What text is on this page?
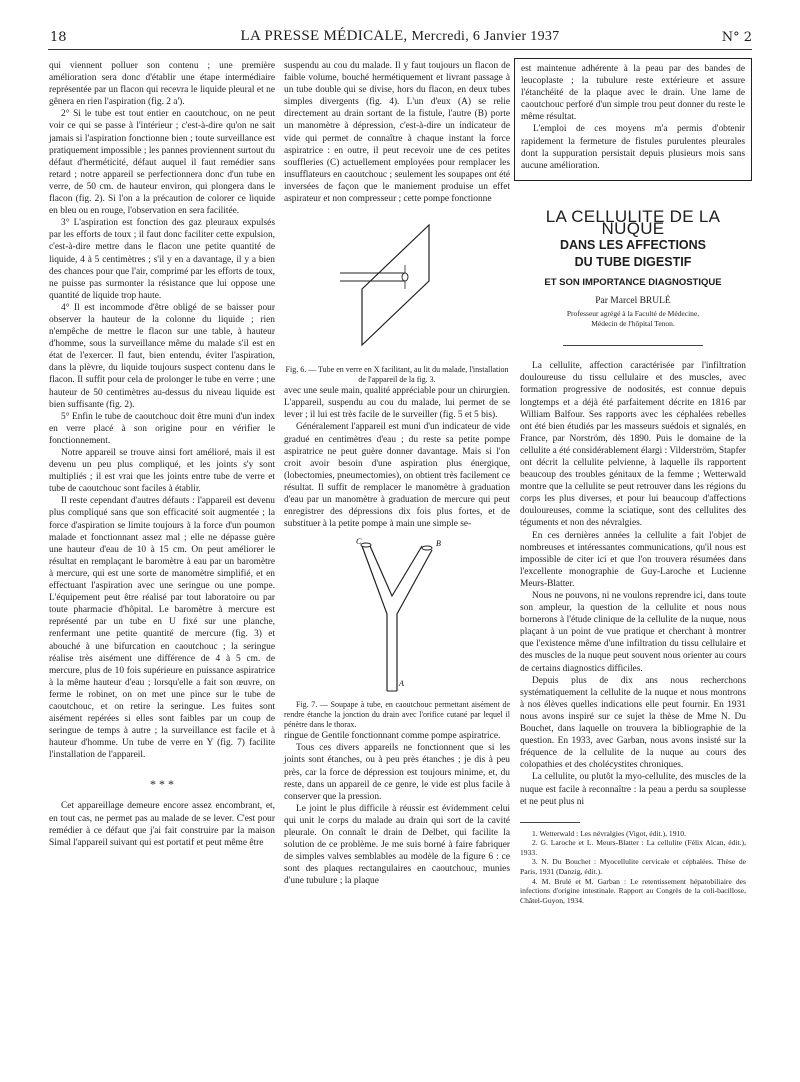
18	LA PRESSE MÉDICALE, Mercredi, 6 Janvier 1937	N° 2

qui viennent polluer son contenu ; une première amélioration sera donc d'établir une étape intermédiaire représentée par un flacon qui recevra le liquide pleural et ne gênera en rien l'aspiration (fig. 2 a').

2° Si le tube est tout entier en caoutchouc, on ne peut voir ce qui se passe à l'intérieur ; c'est-à-dire qu'on ne sait jamais si l'aspiration fonctionne bien ; toute surveillance est pratiquement impossible ; les pannes proviennent surtout du défaut d'herméticité, défaut auquel il faut remédier sans retard ; notre appareil se perfectionnera donc d'un tube en verre, de 50 cm. de hauteur environ, qui plongera dans le flacon (fig. 2). Si l'on a la précaution de colorer ce liquide en bleu ou en rouge, l'observation en sera facilitée.

3° L'aspiration est fonction des gaz pleuraux expulsés par les efforts de toux ; il faut donc faciliter cette expulsion, c'est-à-dire mettre dans le flacon une petite quantité de liquide, 4 à 5 centimètres ; s'il y en a davantage, il y a bien des chances pour que l'air, comprimé par les efforts de toux, ne puisse pas surmonter la résistance que lui oppose une quantité de liquide trop haute.

4° Il est incommode d'être obligé de se baisser pour observer la hauteur de la colonne du liquide ; rien n'empêche de mettre le flacon sur une table, à hauteur d'homme, sous la surveillance même du malade s'il est en état de l'exercer. Il faut, bien entendu, éviter l'aspiration, dans la plèvre, du liquide toujours suspect contenu dans le flacon. Il suffit pour cela de prolonger le tube en verre ; une hauteur de 50 centimètres au-dessus du niveau liquide est bien suffisante (fig. 2).

5° Enfin le tube de caoutchouc doit être muni d'un index en verre placé à son origine pour en vérifier le fonctionnement.

Notre appareil se trouve ainsi fort amélioré, mais il est devenu un peu plus compliqué, et les joints s'y sont multipliés ; il est vrai que les joints entre tube de verre et tube de caoutchouc sont faciles à établir.

Il reste cependant d'autres défauts : l'appareil est devenu plus compliqué sans que son efficacité soit augmentée ; la force d'aspiration se limite toujours à la force d'un poumon malade et fonctionnant assez mal ; elle ne dépasse guère une hauteur d'eau de 10 à 15 cm. On peut améliorer le résultat en remplaçant le baromètre à eau par un baromètre à mercure, qui est une sorte de manomètre simplifié, et en effectuant l'aspiration avec une seringue ou une pompe. L'équipement peut être réalisé par tout laboratoire ou par toute pharmacie d'hôpital. Le baromètre à mercure est représenté par un tube en U fixé sur une planche, renfermant une petite quantité de mercure (fig. 3) et abouché à une bifurcation en caoutchouc ; la seringue réalise très aisément une différence de 4 à 5 cm. de mercure, plus de 10 fois supérieure en puissance aspiratrice à la même hauteur d'eau ; lorsqu'elle a fait son œuvre, on ferme le robinet, on on met une pince sur le tube de caoutchouc, et on retire la seringue. Les fuites sont aisément repérées si elles sont faibles par un coup de seringue de temps à autre ; la surveillance est facile et à hauteur d'homme. Un tube de verre en Y (fig. 7) facilite l'installation de l'appareil.

* * *

Cet appareillage demeure encore assez encombrant, et, en tout cas, ne permet pas au malade de se lever. C'est pour remédier à ce défaut que j'ai fait construire par la maison Simal l'appareil suivant qui est portatif et peut même être

suspendu au cou du malade. Il y faut toujours un flacon de faible volume, bouché hermétiquement et livrant passage à un tube double qui se divise, hors du flacon, en deux tubes simples divergents (fig. 4). L'un d'eux (A) se relie directement au drain sortant de la fistule, l'autre (B) porte un manomètre à dépression, c'est-à-dire un indicateur de vide qui permet de connaître à chaque instant la force aspiratrice : en outre, il peut recevoir une de ces petites souffleries (C) actuellement employées pour remplacer les insufflateurs en caoutchouc ; seulement les soupapes ont été inversées de façon que le maniement produise un effet aspirateur et non compresseur ; cette pompe fonctionne

Fig. 6. — Tube en verre en X facilitant, au lit du malade, l'installation de l'appareil de la fig. 3.

avec une seule main, qualité appréciable pour un chirurgien. L'appareil, suspendu au cou du malade, lui permet de se lever ; il lui est très facile de le surveiller (fig. 5 et 5 bis).

Généralement l'appareil est muni d'un indicateur de vide gradué en centimètres d'eau ; du reste sa petite pompe aspiratrice ne peut guère donner davantage. Mais si l'on croit avoir besoin d'une aspiration plus énergique, (lobectomies, pneumectomies), on obtient très facilement ce résultat. Il suffit de remplacer le manomètre à graduation d'eau par un manomètre à graduation de mercure qui peut enregistrer des dépressions dix fois plus fortes, et de substituer à la petite pompe à main une simple se-

C	B
A

Fig. 7. — Soupape à tube, en caoutchouc permettant aisément de rendre étanche la jonction du drain avec l'orifice cutané par lequel il pénètre dans le thorax.

ringue de Gentile fonctionnant comme pompe aspiratrice.

Tous ces divers appareils ne fonctionnent que si les joints sont étanches, ou à peu près étanches ; je dis à peu près, car la force de dépression est toujours minime, et, du reste, dans un appareil de ce genre, le vide est plus facile à conserver que la pression.

Le joint le plus difficile à réussir est évidemment celui qui unit le corps du malade au drain qui sort de la cavité pleurale. On connaît le drain de Delbet, qui facilite la solution de ce problème. Je me suis borné à faire fabriquer de simples valves semblables au modèle de la figure 6 : ce sont des plaques rectangulaires en caoutchouc, munies d'une tubulure ; la plaque

est maintenue adhérente à la peau par des bandes de leucoplaste ; la tubulure reste extérieure et assure l'étanchéité de la plaque avec le drain. Une lame de caoutchouc perforé d'un simple trou peut donner du reste le même résultat.

L'emploi de ces moyens m'a permis d'obtenir rapidement la fermeture de fistules purulentes pleurales dont la suppuration persistait depuis plusieurs mois sans aucune amélioration.

LA CELLULITE DE LA NUQUE
DANS LES AFFECTIONS
DU TUBE DIGESTIF
ET SON IMPORTANCE DIAGNOSTIQUE
Par Marcel BRULÉ
Professeur agrégé à la Faculté de Médecine,
Médecin de l'hôpital Tenon.

La cellulite, affection caractérisée par l'infiltration douloureuse du tissu cellulaire et des muscles, avec formation progressive de nodosités, est connue depuis longtemps et a déjà été parfaitement décrite en 1816 par William Balfour. Ses rapports avec les céphalées rebelles ont été bien étudiés par les masseurs suédois et signalés, en France, par Norström, dès 1890. Puis le domaine de la cellulite a été considérablement élargi : Vilderström, Stapfer ont décrit la cellulite pelvienne, à laquelle ils rapportent beaucoup des troubles génitaux de la femme ; Wetterwald montre que la cellulite se peut retrouver dans les régions du corps les plus diverses, et pour lui beaucoup d'affections douloureuses, comme la sciatique, sont des cellulites des téguments et non des névralgies.

En ces dernières années la cellulite a fait l'objet de nombreuses et intéressantes communications, qu'il nous est impossible de citer ici et que l'on trouvera résumées dans l'excellente monographie de Guy-Laroche et Lucienne Meurs-Blatter.

Nous ne pouvons, ni ne voulons reprendre ici, dans toute son ampleur, la question de la cellulite et nous nous bornerons à l'étude clinique de la cellulite de la nuque, nous plaçant à un point de vue pratique et cherchant à montrer que l'existence même d'une infiltration du tissu cellulaire et des muscles de la nuque peut souvent nous orienter au cours de certains diagnostics difficiles.

Depuis plus de dix ans nous recherchons systématiquement la cellulite de la nuque et nous montrons à nos élèves quelles indications elle peut fournir. En 1931 nous avons inspiré sur ce sujet la thèse de Mme N. Du Bouchet, dans laquelle on trouvera la bibliographie de la question. En 1933, avec Garban, nous avons insisté sur la fréquence de la cellulite de la nuque au cours des colopathies et des cholécystites chroniques.

La cellulite, ou plutôt la myo-cellulite, des muscles de la nuque est facile à reconnaître : la peau a perdu sa souplesse et ne peut plus ni

1. Wetterwald : Les névralgies (Vigot, édit.), 1910.

2. G. Laroche et L. Meurs-Blatter : La cellulite (Félix Alcan, édit.), 1933.

3. N. Du Bouchet : Myocellulite cervicale et céphalées. Thèse de Paris, 1931 (Danzig, édit.).

4. M. Brulé et M. Garban : Le retentissement hépatobiliaire des infections d'origine intestinale. Rapport au Congrès de la coli-bacillose, Châtel-Guyon, 1934.
